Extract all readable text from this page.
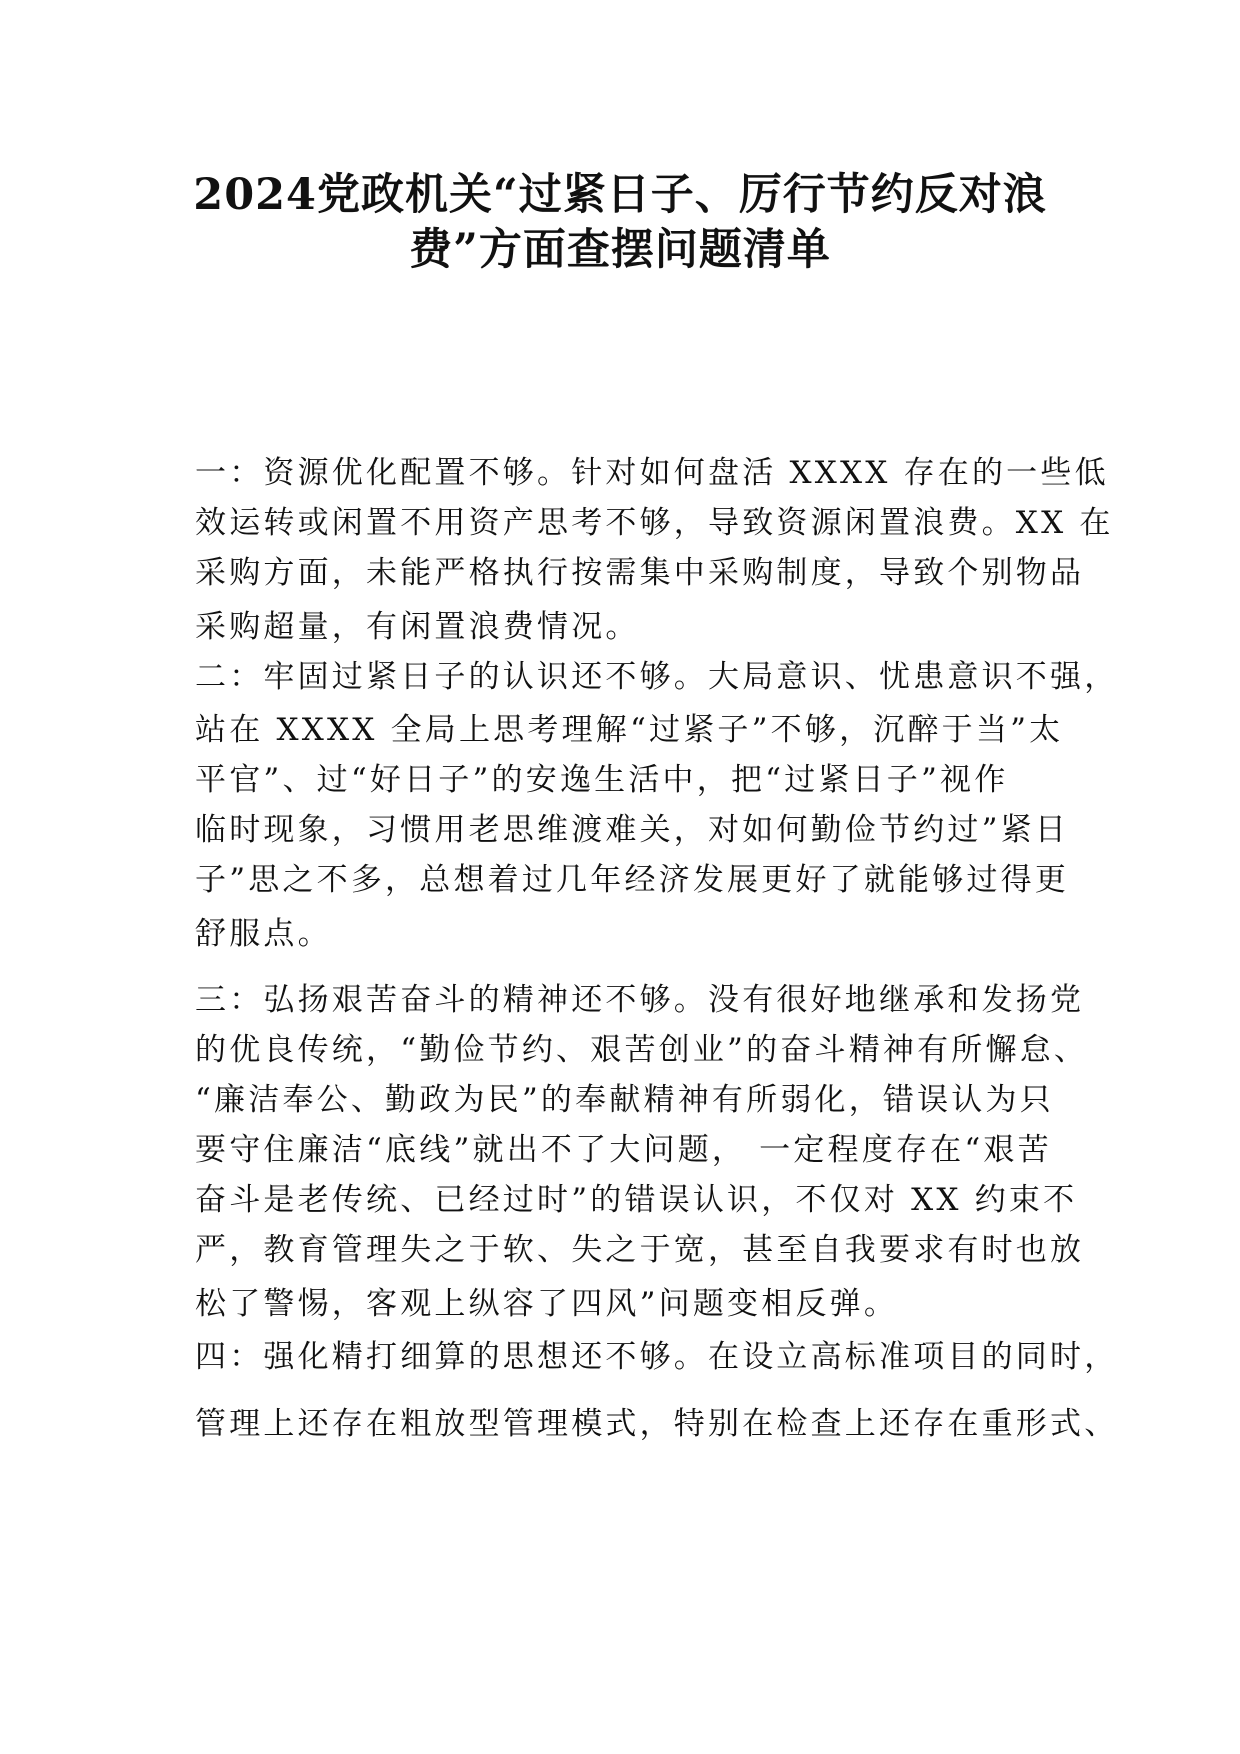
2024党政机关“过紧日子、厉行节约反对浪
费”方面查摆问题清单

一：资源优化配置不够。针对如何盘活 XXXX 存在的一些低

效运转或闲置不用资产思考不够，导致资源闲置浪费。XX 在

采购方面，未能严格执行按需集中采购制度，导致个别物品

采购超量，有闲置浪费情况。

二：牢固过紧日子的认识还不够。大局意识、忧患意识不强，

站在 XXXX 全局上思考理解“过紧子”不够，沉醉于当”太

平官”、过“好日子”的安逸生活中，把“过紧日子”视作

临时现象，习惯用老思维渡难关，对如何勤俭节约过”紧日

子”思之不多，总想着过几年经济发展更好了就能够过得更

舒服点。

三：弘扬艰苦奋斗的精神还不够。没有很好地继承和发扬党

的优良传统，“勤俭节约、艰苦创业”的奋斗精神有所懈怠、

“廉洁奉公、勤政为民”的奉献精神有所弱化，错误认为只

要守住廉洁“底线”就出不了大问题， 一定程度存在“艰苦

奋斗是老传统、已经过时”的错误认识，不仅对 XX 约束不

严，教育管理失之于软、失之于宽，甚至自我要求有时也放

松了警惕，客观上纵容了四风”问题变相反弹。

四：强化精打细算的思想还不够。在设立高标准项目的同时，

管理上还存在粗放型管理模式，特别在检查上还存在重形式、
